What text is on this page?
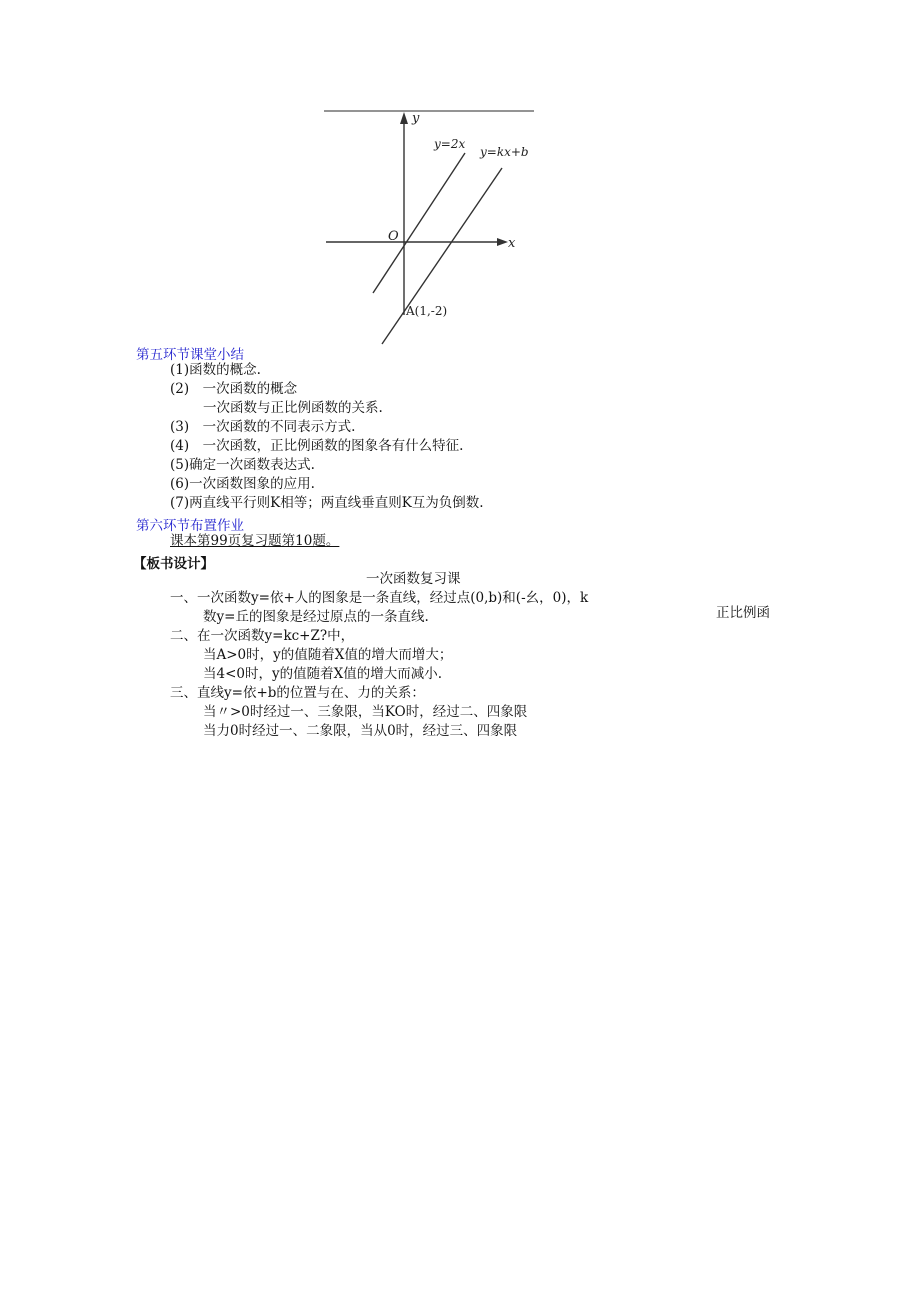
y
x
O
y=2x
y=kx+b
A(1,-2)
第五环节课堂小结
(1)函数的概念.
(2)　一次函数的概念
一次函数与正比例函数的关系.
(3)　一次函数的不同表示方式.
(4)　一次函数，正比例函数的图象各有什么特征.
(5)确定一次函数表达式.
(6)一次函数图象的应用.
(7)两直线平行则K相等；两直线垂直则K互为负倒数.
第六环节布置作业
课本第99页复习题第10题。
【板书设计】
一次函数复习课
一、一次函数y=依+人的图象是一条直线，经过点(0,b)和(-幺，0)，k
数y=丘的图象是经过原点的一条直线.	正比例函
二、在一次函数y=kc+Z?中，
当A>0时，y的值随着X值的增大而增大；
当4<0时，y的值随着X值的增大而减小.
三、直线y=依+b的位置与在、力的关系：
当〃>0时经过一、三象限，当KO时，经过二、四象限
当力0时经过一、二象限，当从0时，经过三、四象限
